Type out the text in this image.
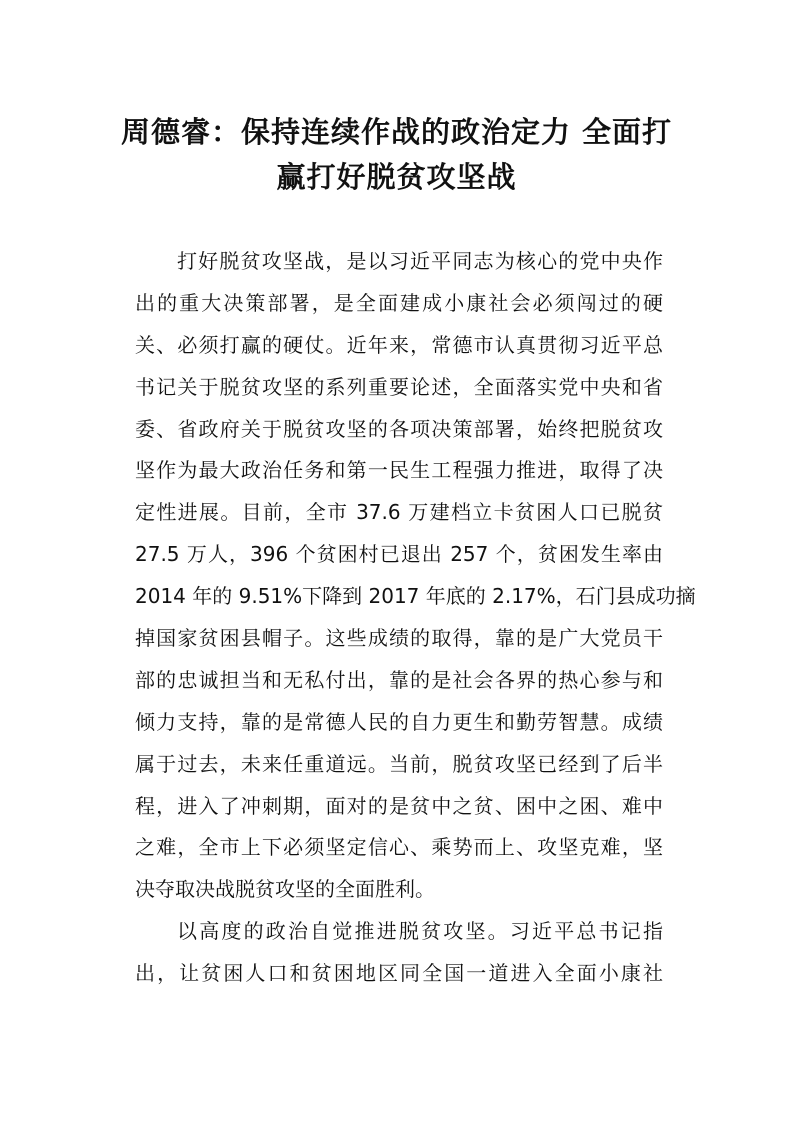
周德睿：保持连续作战的政治定力 全面打
赢打好脱贫攻坚战
打好脱贫攻坚战，是以习近平同志为核心的党中央作
出的重大决策部署，是全面建成小康社会必须闯过的硬
关、必须打赢的硬仗。近年来，常德市认真贯彻习近平总
书记关于脱贫攻坚的系列重要论述，全面落实党中央和省
委、省政府关于脱贫攻坚的各项决策部署，始终把脱贫攻
坚作为最大政治任务和第一民生工程强力推进，取得了决
定性进展。目前，全市 37.6 万建档立卡贫困人口已脱贫
27.5 万人，396 个贫困村已退出 257 个，贫困发生率由
2014 年的 9.51%下降到 2017 年底的 2.17%，石门县成功摘
掉国家贫困县帽子。这些成绩的取得，靠的是广大党员干
部的忠诚担当和无私付出，靠的是社会各界的热心参与和
倾力支持，靠的是常德人民的自力更生和勤劳智慧。成绩
属于过去，未来任重道远。当前，脱贫攻坚已经到了后半
程，进入了冲刺期，面对的是贫中之贫、困中之困、难中
之难，全市上下必须坚定信心、乘势而上、攻坚克难，坚
决夺取决战脱贫攻坚的全面胜利。
以高度的政治自觉推进脱贫攻坚。习近平总书记指
出，让贫困人口和贫困地区同全国一道进入全面小康社
